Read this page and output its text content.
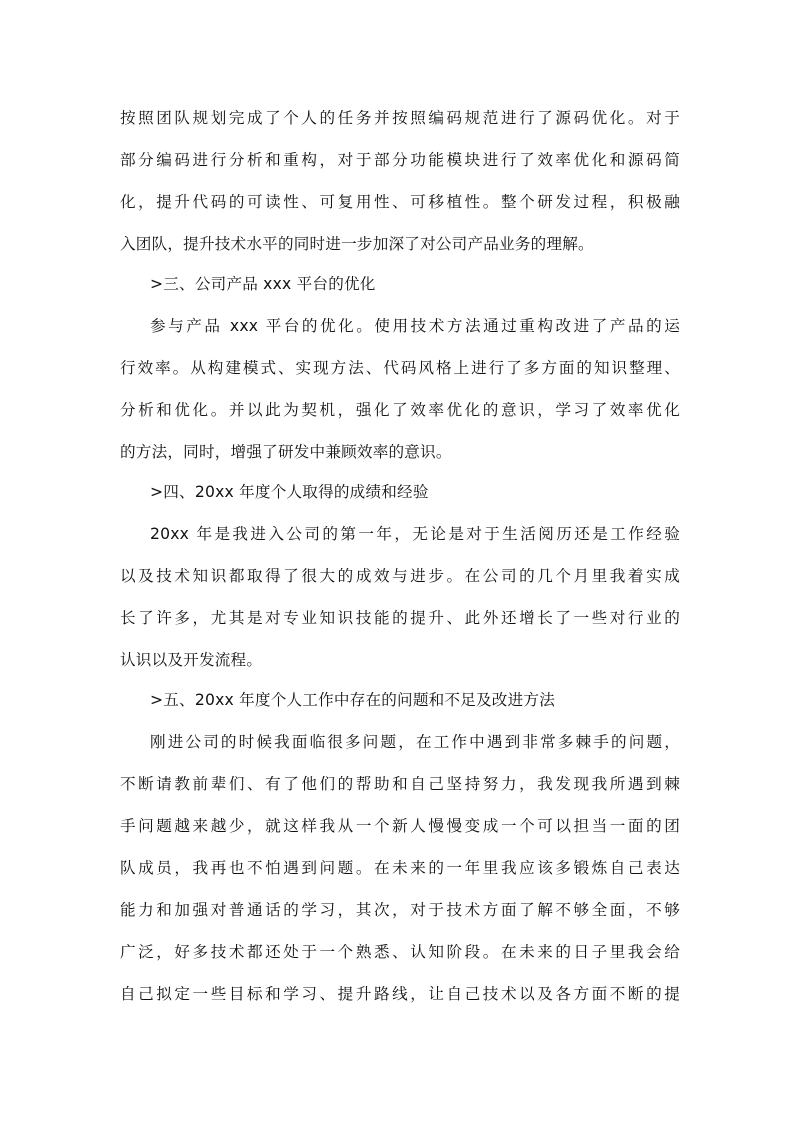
按照团队规划完成了个人的任务并按照编码规范进行了源码优化。对于
部分编码进行分析和重构，对于部分功能模块进行了效率优化和源码简
化，提升代码的可读性、可复用性、可移植性。整个研发过程，积极融
入团队，提升技术水平的同时进一步加深了对公司产品业务的理解。
>三、公司产品 xxx 平台的优化
参与产品 xxx 平台的优化。使用技术方法通过重构改进了产品的运
行效率。从构建模式、实现方法、代码风格上进行了多方面的知识整理、
分析和优化。并以此为契机，强化了效率优化的意识，学习了效率优化
的方法，同时，增强了研发中兼顾效率的意识。
>四、20xx 年度个人取得的成绩和经验
20xx 年是我进入公司的第一年，无论是对于生活阅历还是工作经验
以及技术知识都取得了很大的成效与进步。在公司的几个月里我着实成
长了许多，尤其是对专业知识技能的提升、此外还增长了一些对行业的
认识以及开发流程。
>五、20xx 年度个人工作中存在的问题和不足及改进方法
刚进公司的时候我面临很多问题，在工作中遇到非常多棘手的问题，
不断请教前辈们、有了他们的帮助和自己坚持努力，我发现我所遇到棘
手问题越来越少，就这样我从一个新人慢慢变成一个可以担当一面的团
队成员，我再也不怕遇到问题。在未来的一年里我应该多锻炼自己表达
能力和加强对普通话的学习，其次，对于技术方面了解不够全面，不够
广泛，好多技术都还处于一个熟悉、认知阶段。在未来的日子里我会给
自己拟定一些目标和学习、提升路线，让自己技术以及各方面不断的提
